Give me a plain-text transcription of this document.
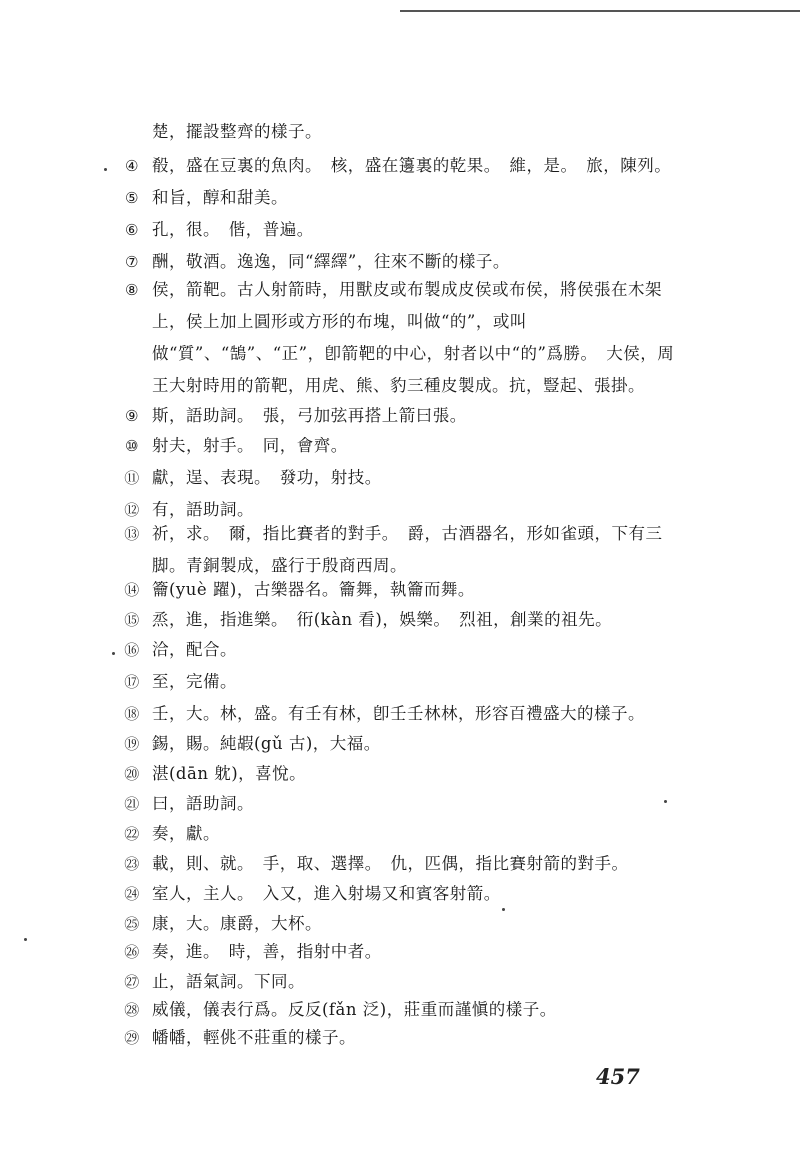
楚，擺設整齊的樣子。
④ 殽，盛在豆裏的魚肉。　核，盛在籩裏的乾果。　維，是。　旅，陳列。
⑤ 和旨，醇和甜美。
⑥ 孔，很。　偕，普遍。
⑦ 酬，敬酒。逸逸，同“繹繹”，往來不斷的樣子。
⑧ 侯，箭靶。古人射箭時，用獸皮或布製成皮侯或布侯，將侯張在木架上，侯上加上圓形或方形的布塊，叫做“的”，或叫做“質”、“鵠”、“正”，卽箭靶的中心，射者以中“的”爲勝。　大侯，周王大射時用的箭靶，用虎、熊、豹三種皮製成。抗，豎起、張掛。
⑨ 斯，語助詞。　張，弓加弦再搭上箭曰張。
⑩ 射夫，射手。　同，會齊。
⑪ 獻，逞、表現。　發功，射技。
⑫ 有，語助詞。
⑬ 祈，求。　爾，指比賽者的對手。　爵，古酒器名，形如雀頭，下有三脚。青銅製成，盛行于殷商西周。
⑭ 籥(yuè 躍)，古樂器名。籥舞，執籥而舞。
⑮ 烝，進，指進樂。　衎(kàn 看)，娛樂。　烈祖，創業的祖先。
⑯ 洽，配合。
⑰ 至，完備。
⑱ 壬，大。林，盛。有壬有林，卽壬壬林林，形容百禮盛大的樣子。
⑲ 錫，賜。純嘏(gǔ 古)，大福。
⑳ 湛(dān 躭)，喜悅。
㉑ 曰，語助詞。
㉒ 奏，獻。
㉓ 載，則、就。　手，取、選擇。　仇，匹偶，指比賽射箭的對手。
㉔ 室人，主人。　入又，進入射場又和賓客射箭。
㉕ 康，大。康爵，大杯。
㉖ 奏，進。　時，善，指射中者。
㉗ 止，語氣詞。下同。
㉘ 威儀，儀表行爲。反反(fǎn 泛)，莊重而謹愼的樣子。
㉙ 幡幡，輕佻不莊重的樣子。
457
